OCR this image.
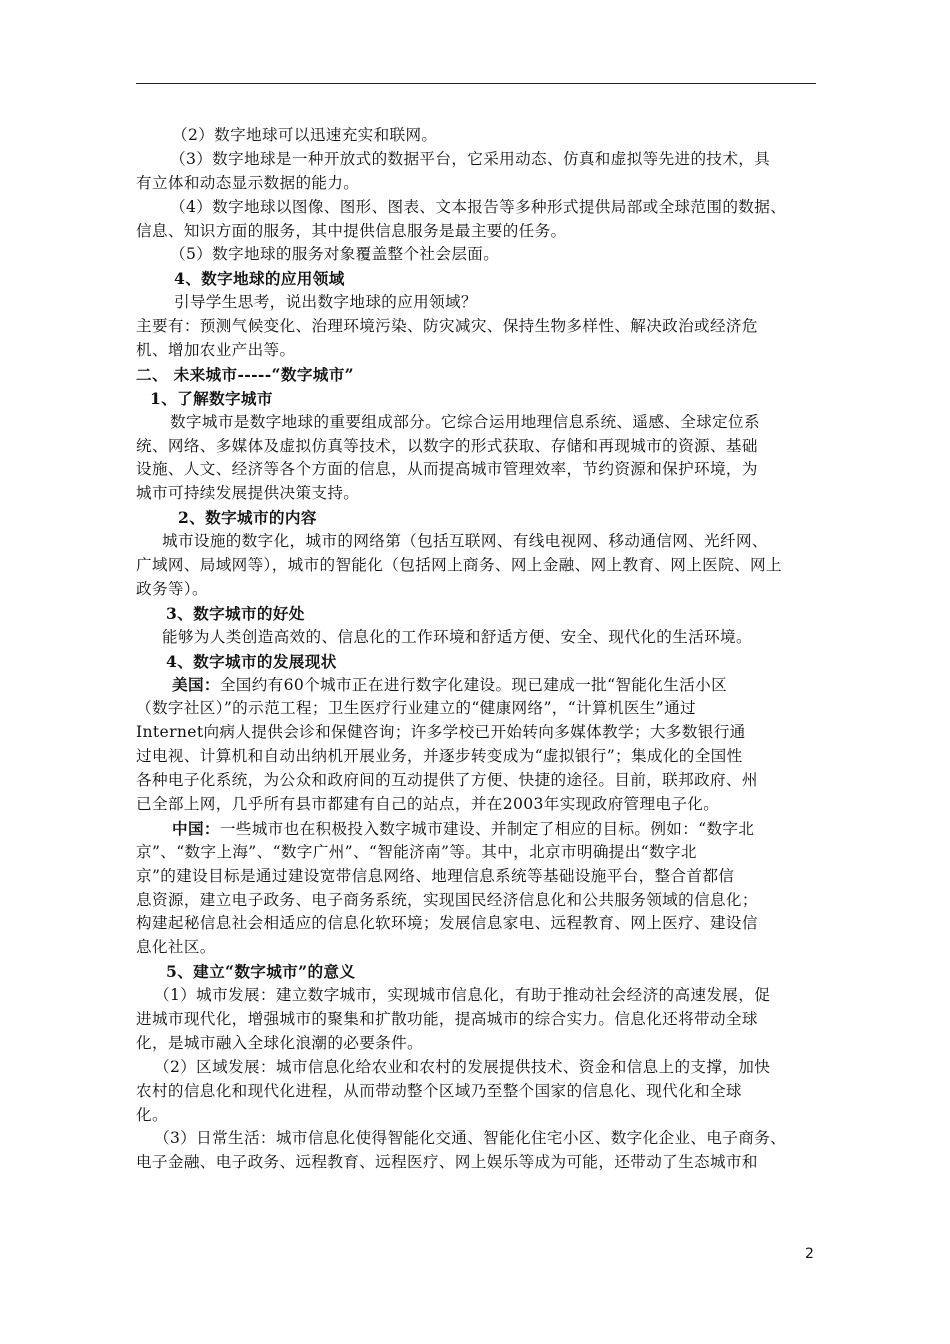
（2）数字地球可以迅速充实和联网。
（3）数字地球是一种开放式的数据平台，它采用动态、仿真和虚拟等先进的技术，具
有立体和动态显示数据的能力。
（4）数字地球以图像、图形、图表、文本报告等多种形式提供局部或全球范围的数据、
信息、知识方面的服务，其中提供信息服务是最主要的任务。
（5）数字地球的服务对象覆盖整个社会层面。
4、数字地球的应用领域
引导学生思考，说出数字地球的应用领域？
主要有：预测气候变化、治理环境污染、防灾减灾、保持生物多样性、解决政治或经济危
机、增加农业产出等。
二、 未来城市-----“数字城市”
1、了解数字城市
数字城市是数字地球的重要组成部分。它综合运用地理信息系统、遥感、全球定位系
统、网络、多媒体及虚拟仿真等技术，以数字的形式获取、存储和再现城市的资源、基础
设施、人文、经济等各个方面的信息，从而提高城市管理效率，节约资源和保护环境，为
城市可持续发展提供决策支持。
2、数字城市的内容
城市设施的数字化，城市的网络第（包括互联网、有线电视网、移动通信网、光纤网、
广域网、局域网等），城市的智能化（包括网上商务、网上金融、网上教育、网上医院、网上
政务等）。
3、数字城市的好处
能够为人类创造高效的、信息化的工作环境和舒适方便、安全、现代化的生活环境。
4、数字城市的发展现状
美国：全国约有60个城市正在进行数字化建设。现已建成一批“智能化生活小区
（数字社区）”的示范工程；卫生医疗行业建立的“健康网络”，“计算机医生”通过
Internet向病人提供会诊和保健咨询；许多学校已开始转向多媒体教学；大多数银行通
过电视、计算机和自动出纳机开展业务，并逐步转变成为“虚拟银行”；集成化的全国性
各种电子化系统，为公众和政府间的互动提供了方便、快捷的途径。目前，联邦政府、州
已全部上网，几乎所有县市都建有自己的站点，并在2003年实现政府管理电子化。
中国：一些城市也在积极投入数字城市建设、并制定了相应的目标。例如：“数字北
京”、“数字上海”、“数字广州”、“智能济南”等。其中，北京市明确提出“数字北
京”的建设目标是通过建设宽带信息网络、地理信息系统等基础设施平台，整合首都信
息资源，建立电子政务、电子商务系统，实现国民经济信息化和公共服务领域的信息化；
构建起秘信息社会相适应的信息化软环境；发展信息家电、远程教育、网上医疗、建设信
息化社区。
5、建立“数字城市”的意义
（1）城市发展：建立数字城市，实现城市信息化，有助于推动社会经济的高速发展，促
进城市现代化，增强城市的聚集和扩散功能，提高城市的综合实力。信息化还将带动全球
化，是城市融入全球化浪潮的必要条件。
（2）区域发展：城市信息化给农业和农村的发展提供技术、资金和信息上的支撑，加快
农村的信息化和现代化进程，从而带动整个区域乃至整个国家的信息化、现代化和全球
化。
（3）日常生活：城市信息化使得智能化交通、智能化住宅小区、数字化企业、电子商务、
电子金融、电子政务、远程教育、远程医疗、网上娱乐等成为可能，还带动了生态城市和
2
